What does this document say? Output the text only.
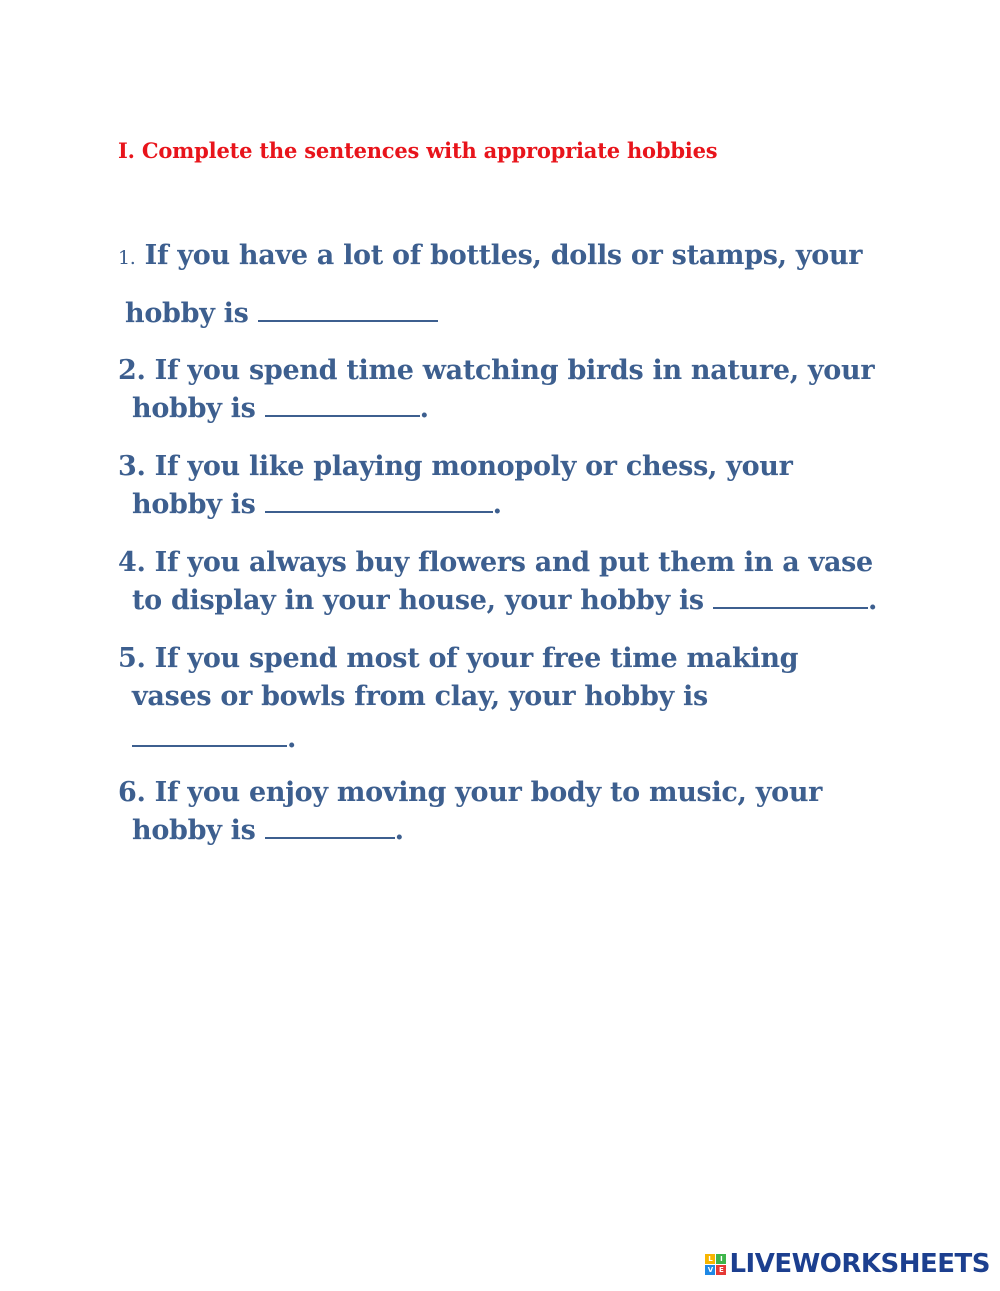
I. Complete the sentences with appropriate hobbies
1. If you have a lot of bottles, dolls or stamps, your
hobby is
2. If you spend time watching birds in nature, your
hobby is	.
3. If you like playing monopoly or chess, your
hobby is	.
4. If you always buy flowers and put them in a vase
to display in your house, your hobby is	.
5. If you spend most of your free time making
vases or bowls from clay, your hobby is
.
6. If you enjoy moving your body to music, your
hobby is	.
L	I
V E LIVEWORKSHEETS
